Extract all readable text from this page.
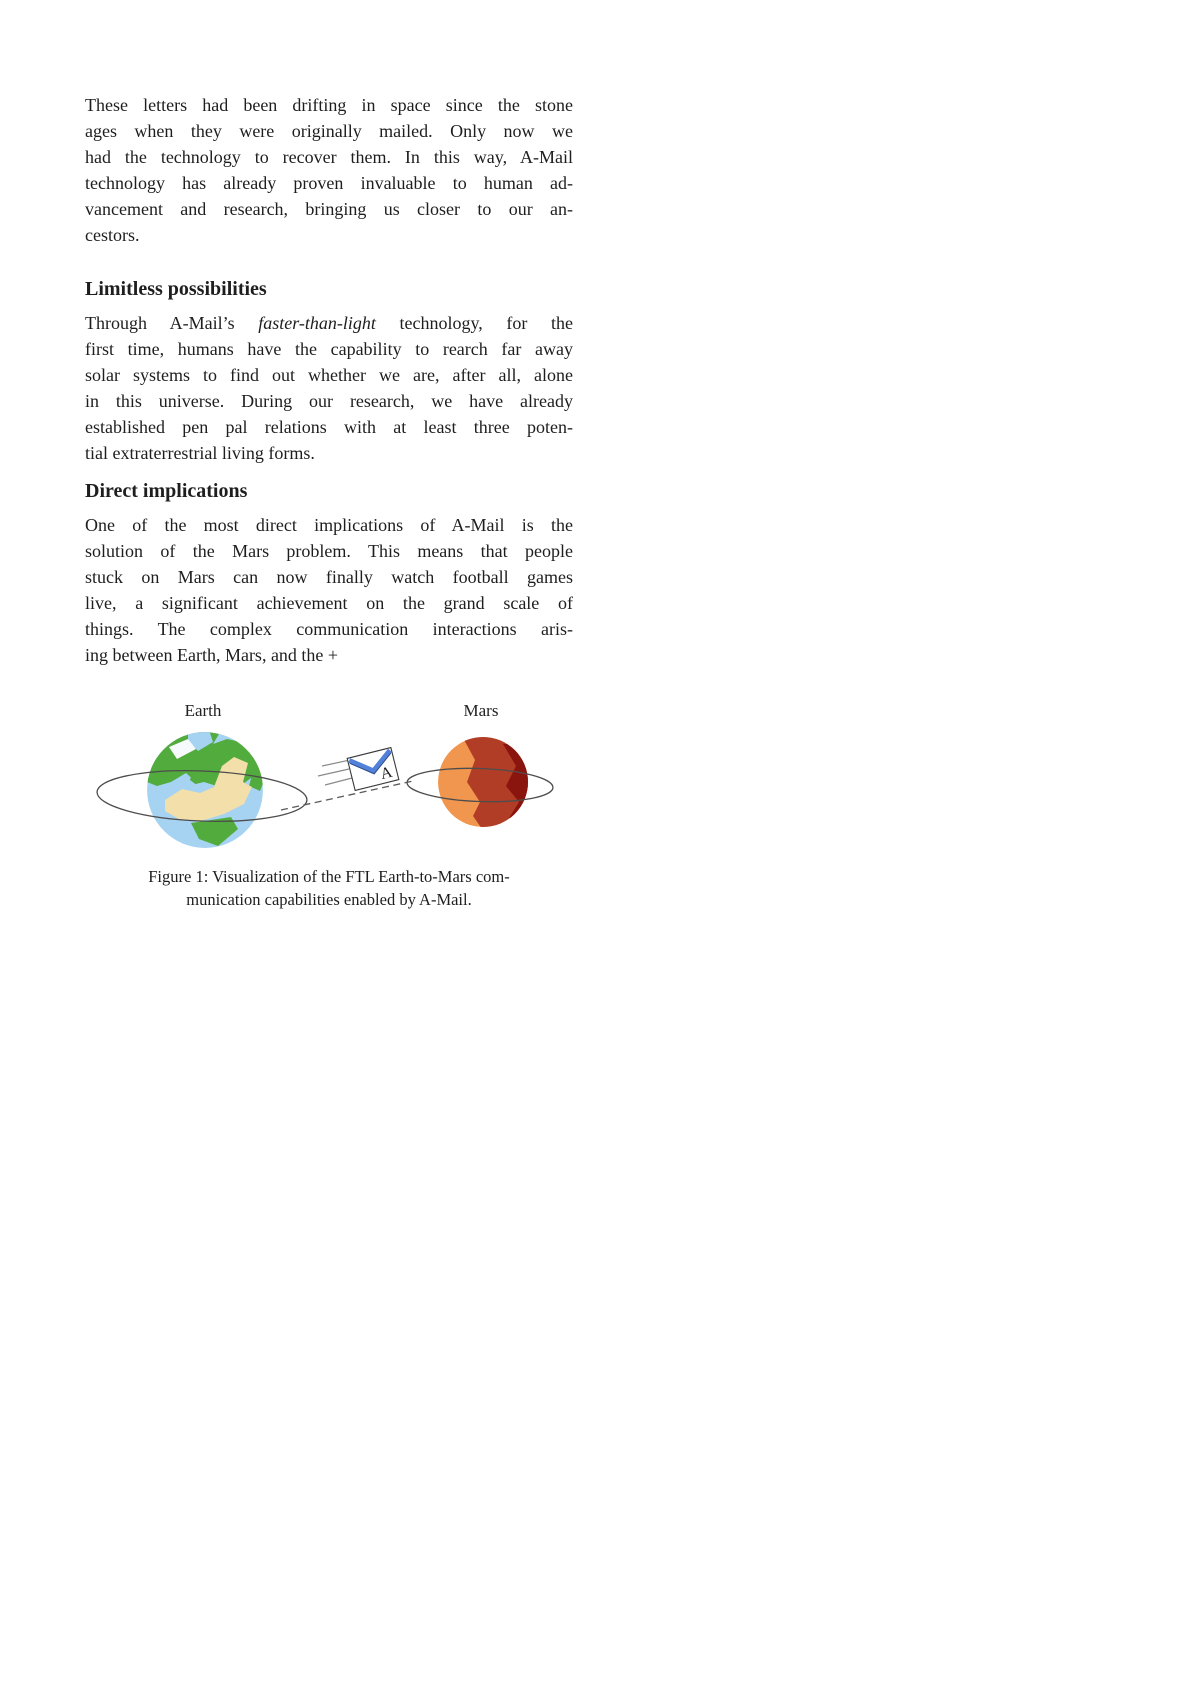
These letters had been drifting in space since the stone
ages when they were originally mailed. Only now we
had the technology to recover them. In this way, A-Mail
technology has already proven invaluable to human ad-
vancement and research, bringing us closer to our an-
cestors.
Limitless possibilities
Through A-Mail’s faster-than-light technology, for the
first time, humans have the capability to rearch far away
solar systems to find out whether we are, after all, alone
in this universe. During our research, we have already
established pen pal relations with at least three poten-
tial extraterrestrial living forms.
Direct implications
One of the most direct implications of A-Mail is the
solution of the Mars problem. This means that people
stuck on Mars can now finally watch football games
live, a significant achievement on the grand scale of
things. The complex communication interactions aris-
ing between Earth, Mars, and the +
Earth	Mars
A
Figure 1: Visualization of the FTL Earth-to-Mars com-
munication capabilities enabled by A-Mail.
